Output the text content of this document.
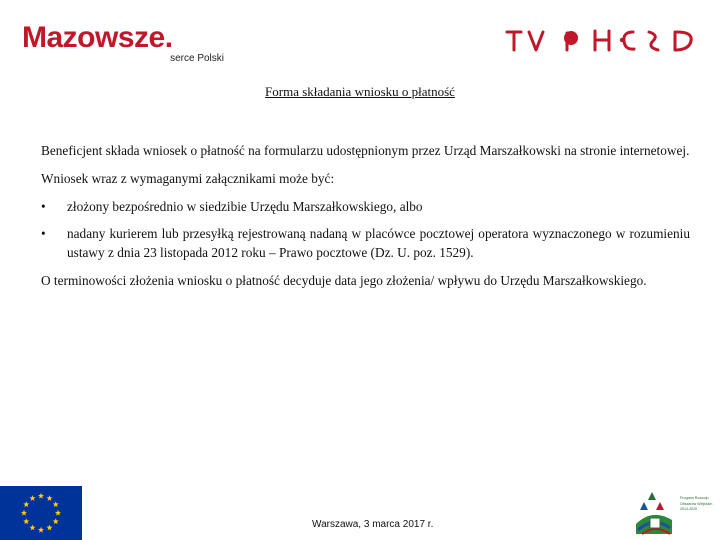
Mazowsze.
serce Polski
Forma składania wniosku o płatność

Beneficjent składa wniosek o płatność na formularzu udostępnionym przez Urząd Marszałkowski na stronie internetowej.

Wniosek wraz z wymaganymi załącznikami może być:

• złożony bezpośrednio w siedzibie Urzędu Marszałkowskiego, albo
• nadany kurierem lub przesyłką rejestrowaną nadaną w placówce pocztowej operatora wyznaczonego w rozumieniu ustawy z dnia 23 listopada 2012 roku – Prawo pocztowe (Dz. U. poz. 1529).

O terminowości złożenia wniosku o płatność decyduje data jego złożenia/ wpływu do Urzędu Marszałkowskiego.

Warszawa, 3 marca 2017 r.
Program Rozwoju Obszarów Wiejskich 2014-2020
